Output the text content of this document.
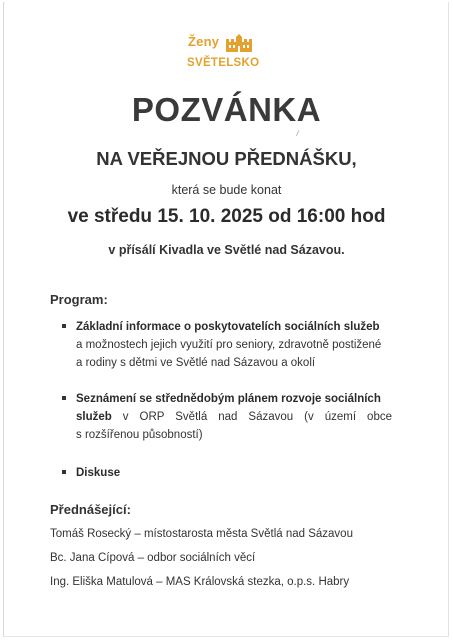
Ženy
SVĚTELSKO
POZVÁNKA
NA VEŘEJNOU PŘEDNÁŠKU,
která se bude konat
ve středu 15. 10. 2025 od 16:00 hod
v přísálí Kivadla ve Světlé nad Sázavou.
Program:
Základní informace o poskytovatelích sociálních služeb
a možnostech jejich využití pro seniory, zdravotně postižené
a rodiny s dětmi ve Světlé nad Sázavou a okolí
Seznámení se střednědobým plánem rozvoje sociálních
služeb v ORP Světlá nad Sázavou (v území obce
s rozšířenou působností)
Diskuse
Přednášející:
Tomáš Rosecký – místostarosta města Světlá nad Sázavou
Bc. Jana Cípová – odbor sociálních věcí
Ing. Eliška Matulová – MAS Královská stezka, o.p.s. Habry
